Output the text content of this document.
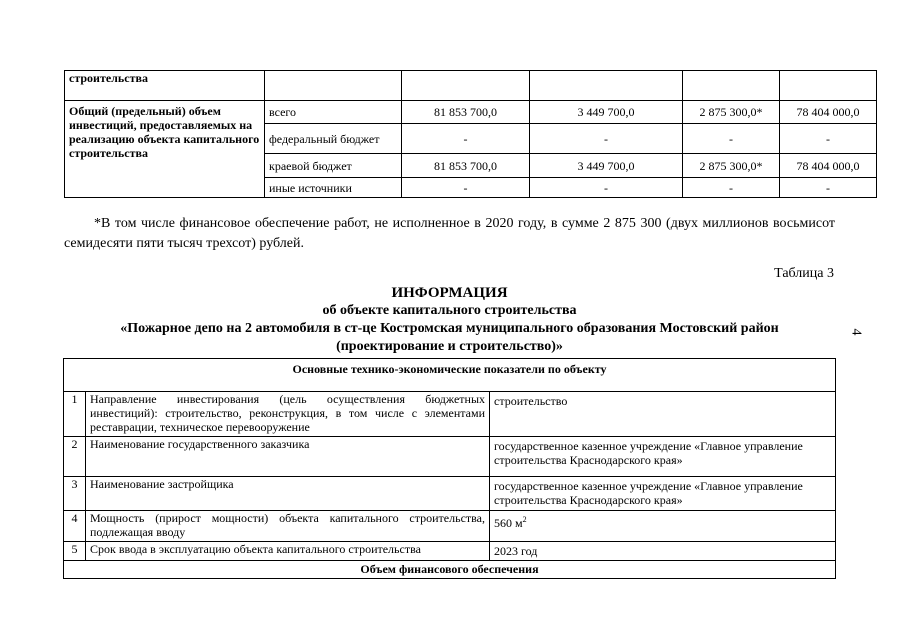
строительства					
Общий (предельный) объем инвестиций, предоставляемых на реализацию объекта капитального строительства	всего	81 853 700,0	3 449 700,0	2 875 300,0*	78 404 000,0
	федеральный бюджет	-	-	-	-
	краевой бюджет	81 853 700,0	3 449 700,0	2 875 300,0*	78 404 000,0
	иные источники	-	-	-	-

*В том числе финансовое обеспечение работ, не исполненное в 2020 году, в сумме 2 875 300 (двух миллионов восьмисот семидесяти пяти тысяч трехсот) рублей.

Таблица 3
ИНФОРМАЦИЯ
об объекте капитального строительства
«Пожарное депо на 2 автомобиля в ст-це Костромская муниципального образования Мостовский район
(проектирование и строительство)»
4
Основные технико-экономические показатели по объекту		
1	Направление инвестирования (цель осуществления бюджетных инвестиций): строительство, реконструкция, в том числе с элементами реставрации, техническое перевооружение	строительство
2	Наименование государственного заказчика	государственное казенное учреждение «Главное управление строительства Краснодарского края»
3	Наименование застройщика	государственное казенное учреждение «Главное управление строительства Краснодарского края»
4	Мощность (прирост мощности) объекта капитального строительства, подлежащая вводу	560 $м^2$
5	Срок ввода в эксплуатацию объекта капитального строительства	2023 год
Объем финансового обеспечения		
